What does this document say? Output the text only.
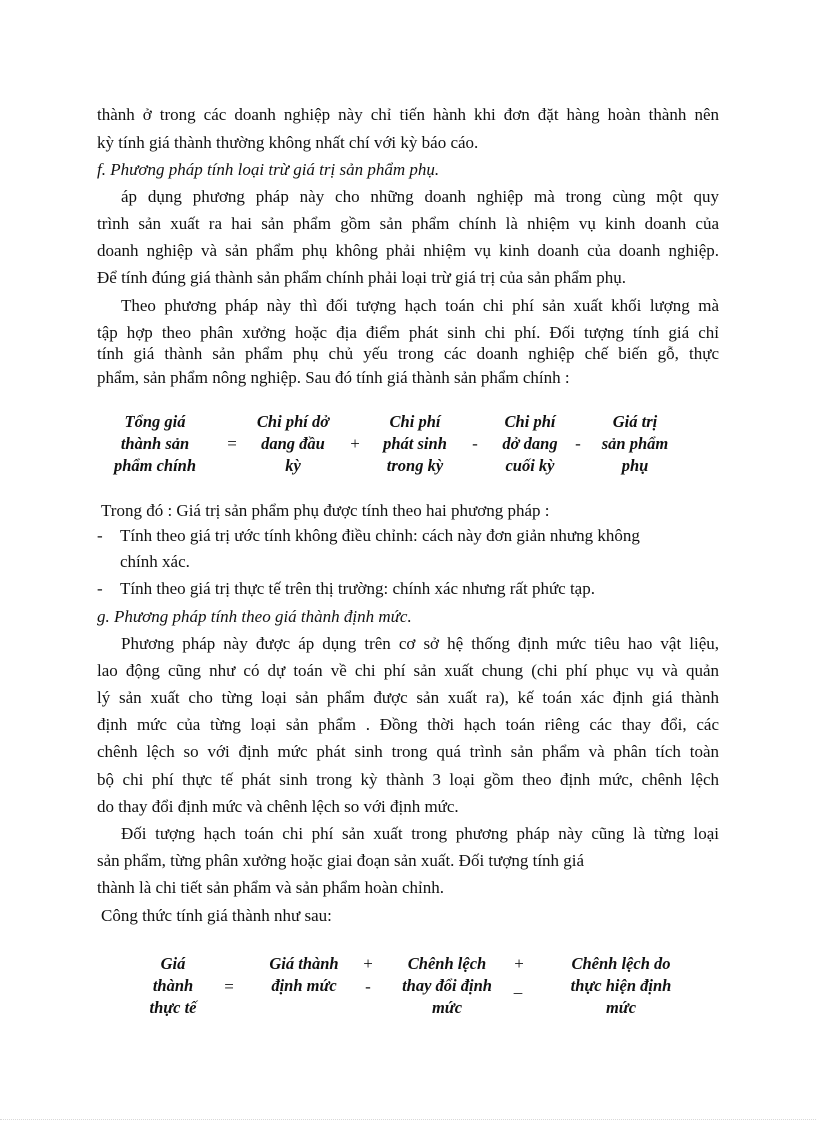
thành ở trong các doanh nghiệp này chỉ tiến hành khi đơn đặt hàng hoàn thành nên
kỳ tính giá thành thường không nhất chí với kỳ báo cáo.
f. Phương pháp tính loại trừ giá trị sản phẩm phụ.
áp dụng phương pháp này cho những doanh nghiệp mà trong cùng một quy
trình sản xuất ra hai sản phẩm gồm sản phẩm chính là nhiệm vụ kinh doanh của
doanh nghiệp và sản phẩm phụ không phải nhiệm vụ kinh doanh của doanh nghiệp.
Để tính đúng giá thành sản phẩm chính phải loại trừ giá trị của sản phẩm phụ.
Theo phương pháp này thì đối tượng hạch toán chi phí sản xuất khối lượng mà
tập hợp theo phân xưởng hoặc địa điểm phát sinh chi phí. Đối tượng tính giá chỉ
tính giá thành sản phẩm phụ chủ yếu trong các doanh nghiệp chế biến gỗ, thực
phẩm, sản phẩm nông nghiệp. Sau đó tính giá thành sản phẩm chính :
Tổng giá
thành sản
phẩm chính
=
Chi phí dở
dang đầu
kỳ
+
Chi phí
phát sinh
trong kỳ
-
Chi phí
dở dang
cuối kỳ
-
Giá trị
sản phẩm
phụ
Trong đó : Giá trị sản phẩm phụ được tính theo hai phương pháp :
- Tính theo giá trị ước tính không điều chỉnh: cách này đơn giản nhưng không
chính xác.
- Tính theo giá trị thực tế trên thị trường: chính xác nhưng rất phức tạp.
g. Phương pháp tính theo giá thành định mức.
Phương pháp này được áp dụng trên cơ sở hệ thống định mức tiêu hao vật liệu,
lao động cũng như có dự toán về chi phí sản xuất chung (chi phí phục vụ và quản
lý sản xuất cho từng loại sản phẩm được sản xuất ra), kế toán xác định giá thành
định mức của từng loại sản phẩm . Đồng thời hạch toán riêng các thay đổi, các
chênh lệch so với định mức phát sinh trong quá trình sản phẩm và phân tích toàn
bộ chi phí thực tế phát sinh trong kỳ thành 3 loại gồm theo định mức, chênh lệch
do thay đổi định mức và chênh lệch so với định mức.
Đối tượng hạch toán chi phí sản xuất trong phương pháp này cũng là từng loại
sản phẩm, từng phân xưởng hoặc giai đoạn sản xuất. Đối tượng tính giá
thành là chi tiết sản phẩm và sản phẩm hoàn chỉnh.
Công thức tính giá thành như sau:
Giá
thành
thực tế
=
Giá thành
định mức
+
-
Chênh lệch
thay đổi định
mức
+
_
Chênh lệch do
thực hiện định
mức
